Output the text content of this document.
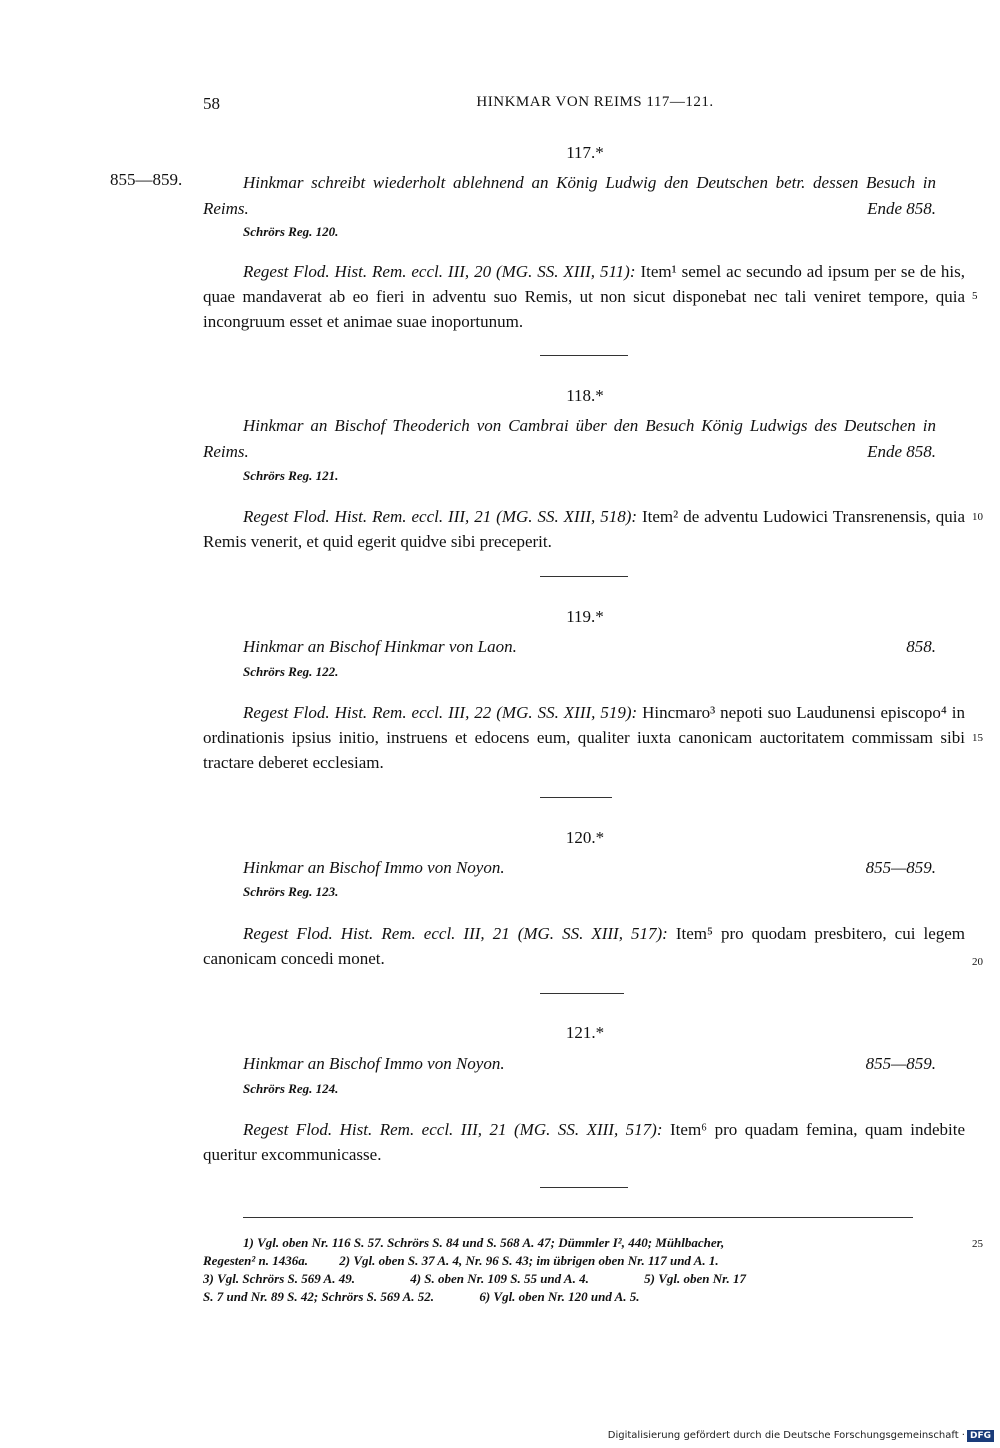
58	HINKMAR VON REIMS 117—121.
117.*
855—859.	Hinkmar schreibt wiederholt ablehnend an König Ludwig den Deutschen betr. dessen Besuch in Reims.	Ende 858.
Schrörs Reg. 120.
Regest Flod. Hist. Rem. eccl. III, 20 (MG. SS. XIII, 511): Item¹ semel ac secundo ad ipsum per se de his, quae mandaverat ab eo fieri in adventu suo Remis, ut non sicut disponebat nec tali veniret tempore, quia incongruum esset et animae suae inoportunum.
5
118.*
Hinkmar an Bischof Theoderich von Cambrai über den Besuch König Ludwigs des Deutschen in Reims.	Ende 858.
Schrörs Reg. 121.
Regest Flod. Hist. Rem. eccl. III, 21 (MG. SS. XIII, 518): Item² de adventu Ludowici Transrenensis, quia Remis venerit, et quid egerit quidve sibi preceperit.
10
119.*
Hinkmar an Bischof Hinkmar von Laon.	858.
Schrörs Reg. 122.
Regest Flod. Hist. Rem. eccl. III, 22 (MG. SS. XIII, 519): Hincmaro³ nepoti suo Laudunensi episcopo⁴ in ordinationis ipsius initio, instruens et edocens eum, qualiter iuxta canonicam auctoritatem commissam sibi tractare deberet ecclesiam.
15
120.*
Hinkmar an Bischof Immo von Noyon.	855—859.
Schrörs Reg. 123.
Regest Flod. Hist. Rem. eccl. III, 21 (MG. SS. XIII, 517): Item⁵ pro quodam presbitero, cui legem canonicam concedi monet.	20
121.*
Hinkmar an Bischof Immo von Noyon.	855—859.
Schrörs Reg. 124.
Regest Flod. Hist. Rem. eccl. III, 21 (MG. SS. XIII, 517): Item⁶ pro quadam femina, quam indebite queritur excommunicasse.
1) Vgl. oben Nr. 116 S. 57. Schrörs S. 84 und S. 568 A. 47; Dümmler I², 440; Mühlbacher,
Regesten² n. 1436a. 2) Vgl. oben S. 37 A. 4, Nr. 96 S. 43; im übrigen oben Nr. 117 und A. 1.
3) Vgl. Schrörs S. 569 A. 49.	4) S. oben Nr. 109 S. 55 und A. 4.	5) Vgl. oben Nr. 17
S. 7 und Nr. 89 S. 42; Schrörs S. 569 A. 52.	6) Vgl. oben Nr. 120 und A. 5.
25
Digitalisierung gefördert durch die Deutsche Forschungsgemeinschaft · DFG
